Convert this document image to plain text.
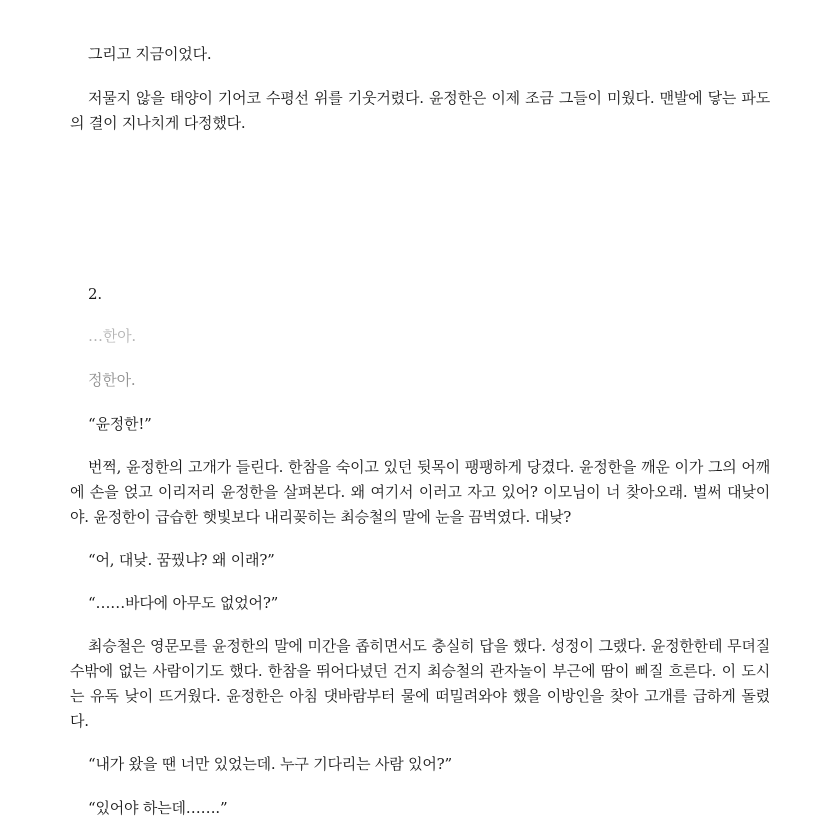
그리고 지금이었다.

저물지 않을 태양이 기어코 수평선 위를 기웃거렸다. 윤정한은 이제 조금 그들이 미웠다. 맨발에 닿는 파도의 결이 지나치게 다정했다.

2.

…한아.

정한아.

“윤정한!”

번쩍, 윤정한의 고개가 들린다. 한참을 숙이고 있던 뒷목이 팽팽하게 당겼다. 윤정한을 깨운 이가 그의 어깨에 손을 얹고 이리저리 윤정한을 살펴본다. 왜 여기서 이러고 자고 있어? 이모님이 너 찾아오래. 벌써 대낮이야. 윤정한이 급습한 햇빛보다 내리꽂히는 최승철의 말에 눈을 끔벅였다. 대낮?

“어, 대낮. 꿈꿨냐? 왜 이래?”

“……바다에 아무도 없었어?”

최승철은 영문모를 윤정한의 말에 미간을 좁히면서도 충실히 답을 했다. 성정이 그랬다. 윤정한한테 무뎌질 수밖에 없는 사람이기도 했다. 한참을 뛰어다녔던 건지 최승철의 관자놀이 부근에 땀이 삐질 흐른다. 이 도시는 유독 낮이 뜨거웠다. 윤정한은 아침 댓바람부터 물에 떠밀려와야 했을 이방인을 찾아 고개를 급하게 돌렸다.

“내가 왔을 땐 너만 있었는데. 누구 기다리는 사람 있어?”

“있어야 하는데…….”
